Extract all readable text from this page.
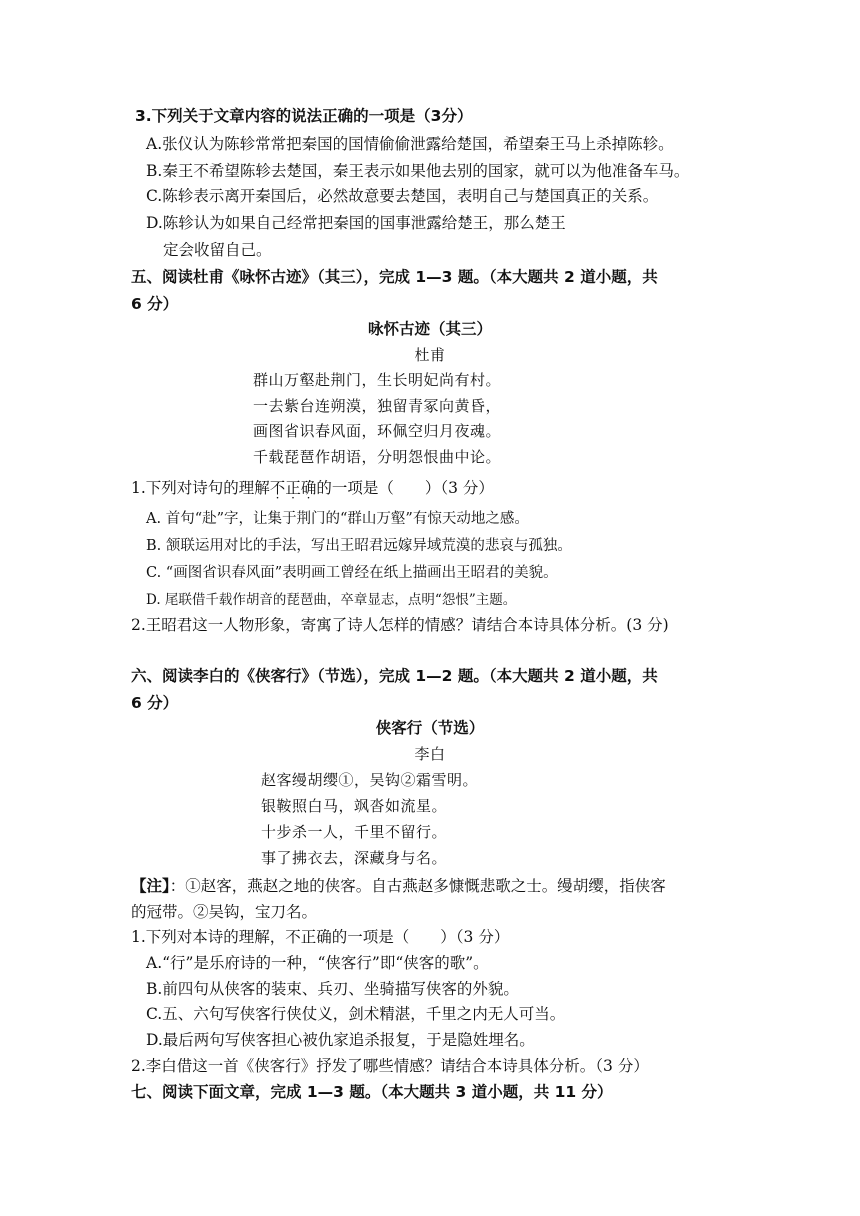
3.下列关于文章内容的说法正确的一项是（3分）
A.张仪认为陈轸常常把秦国的国情偷偷泄露给楚国，希望秦王马上杀掉陈轸。
B.秦王不希望陈轸去楚国，秦王表示如果他去别的国家，就可以为他准备车马。
C.陈轸表示离开秦国后，必然故意要去楚国，表明自己与楚国真正的关系。
D.陈轸认为如果自己经常把秦国的国事泄露给楚王，那么楚王
定会收留自己。
五、阅读杜甫《咏怀古迹》（其三），完成 1—3 题。（本大题共 2 道小题，共
6 分）
咏怀古迹（其三）
杜甫
群山万壑赴荆门，生长明妃尚有村。
一去紫台连朔漠，独留青冢向黄昏，
画图省识春风面，环佩空归月夜魂。
千载琵琶作胡语，分明怨恨曲中论。
1.下列对诗句的理解不正确的一项是（　　）（3 分）
A. 首句“赴”字，让集于荆门的“群山万壑”有惊天动地之感。
B. 颔联运用对比的手法，写出王昭君远嫁异域荒漠的悲哀与孤独。
C. “画图省识春风面”表明画工曾经在纸上描画出王昭君的美貌。
D. 尾联借千载作胡音的琵琶曲，卒章显志，点明“怨恨”主题。
2.王昭君这一人物形象，寄寓了诗人怎样的情感？请结合本诗具体分析。(3 分)
六、阅读李白的《侠客行》（节选），完成 1—2 题。（本大题共 2 道小题，共
6 分）
侠客行（节选）
李白
赵客缦胡缨①，吴钩②霜雪明。
银鞍照白马，飒沓如流星。
十步杀一人，千里不留行。
事了拂衣去，深藏身与名。
【注】：①赵客，燕赵之地的侠客。自古燕赵多慷慨悲歌之士。缦胡缨，指侠客
的冠带。②吴钩，宝刀名。
1.下列对本诗的理解，不正确的一项是（　　）（3 分）
A.“行”是乐府诗的一种，“侠客行”即“侠客的歌”。
B.前四句从侠客的装束、兵刃、坐骑描写侠客的外貌。
C.五、六句写侠客行侠仗义，剑术精湛，千里之内无人可当。
D.最后两句写侠客担心被仇家追杀报复，于是隐姓埋名。
2.李白借这一首《侠客行》抒发了哪些情感？请结合本诗具体分析。（3 分）
七、阅读下面文章，完成 1—3 题。（本大题共 3 道小题，共 11 分）
